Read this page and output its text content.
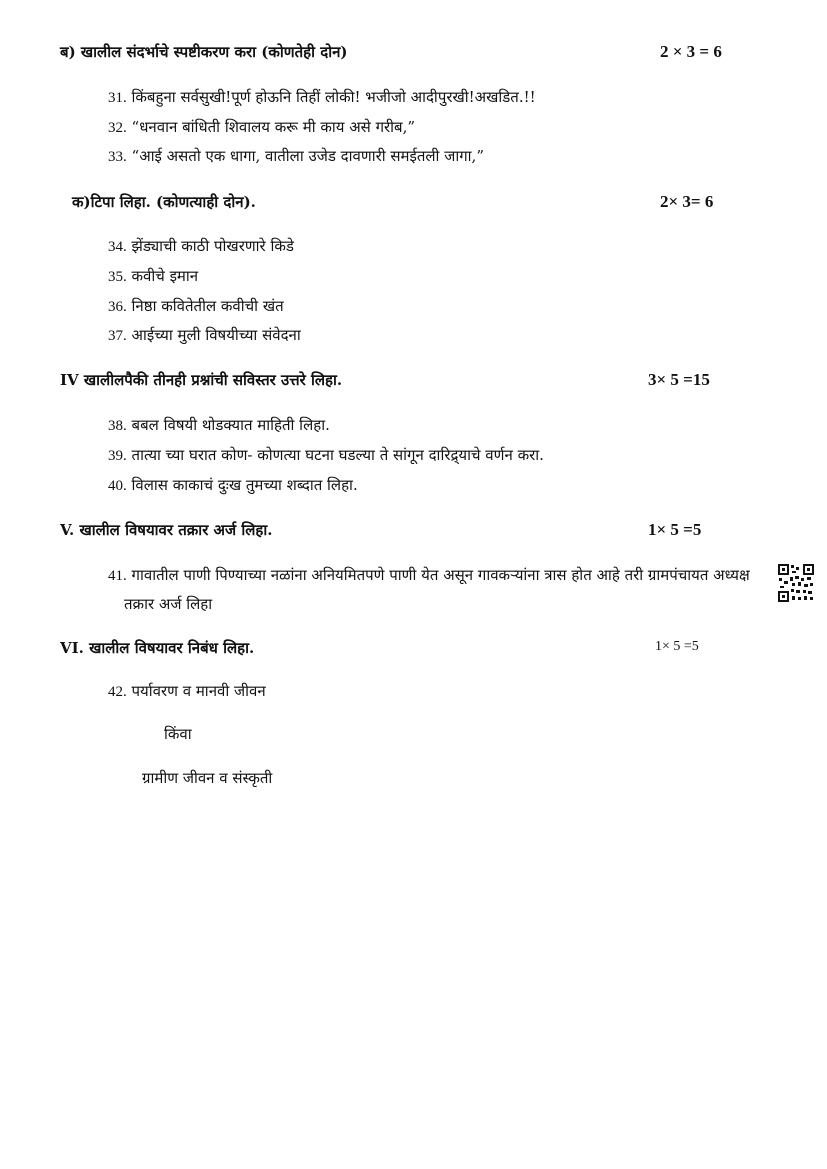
ब) खालील संदर्भाचे स्पष्टीकरण करा (कोणतेही दोन)	2 × 3 = 6
31. किंबहुना सर्वसुखी!पूर्ण होऊनि तिहीं लोकी! भजीजो आदीपुरखी!अखडित.!!
32. “धनवान बांधिती शिवालय करू मी काय असे गरीब,”
33. “आई असतो एक धागा, वातीला उजेड दावणारी समईतली जागा,”
क)टिपा लिहा. (कोणत्याही दोन).	2× 3= 6
34. झेंड्याची काठी पोखरणारे किडे
35. कवीचे इमान
36. निष्ठा कवितेतील कवीची खंत
37. आईच्या मुली विषयीच्या संवेदना
IV खालीलपैकी तीनही प्रश्नांची सविस्तर उत्तरे लिहा.	3× 5 =15
38. बबल विषयी थोडक्यात माहिती लिहा.
39. तात्या च्या घरात कोण- कोणत्या घटना घडल्या ते सांगून दारिद्र्याचे वर्णन करा.
40. विलास काकाचं दुःख तुमच्या शब्दात लिहा.
V. खालील विषयावर तक्रार अर्ज लिहा.	1× 5 =5
41. गावातील पाणी पिण्याच्या नळांना अनियमितपणे पाणी येत असून गावकऱ्यांना त्रास होत आहे तरी ग्रामपंचायत अध्यक्ष
तक्रार अर्ज लिहा
VI. खालील विषयावर निबंध लिहा.	1× 5 =5
42. पर्यावरण व मानवी जीवन
किंवा
ग्रामीण जीवन व संस्कृती
